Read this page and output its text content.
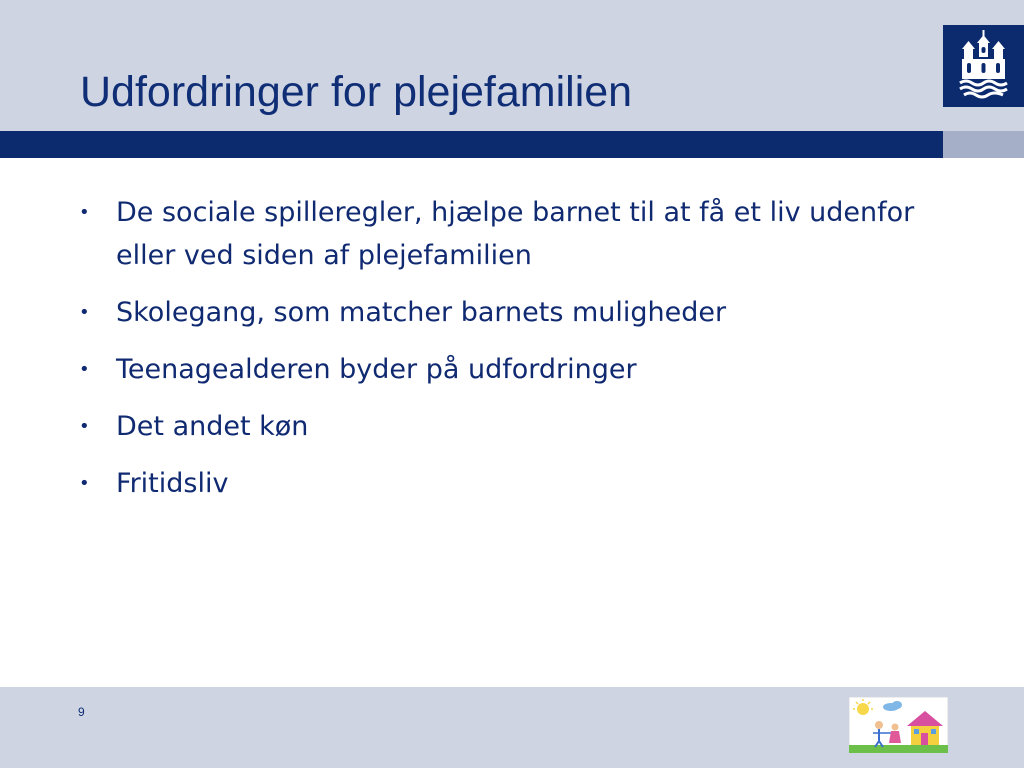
Udfordringer for plejefamilien
• De sociale spilleregler, hjælpe barnet til at få et liv udenfor eller ved siden af plejefamilien
• Skolegang, som matcher barnets muligheder
• Teenagealderen byder på udfordringer
• Det andet køn
• Fritidsliv
9
